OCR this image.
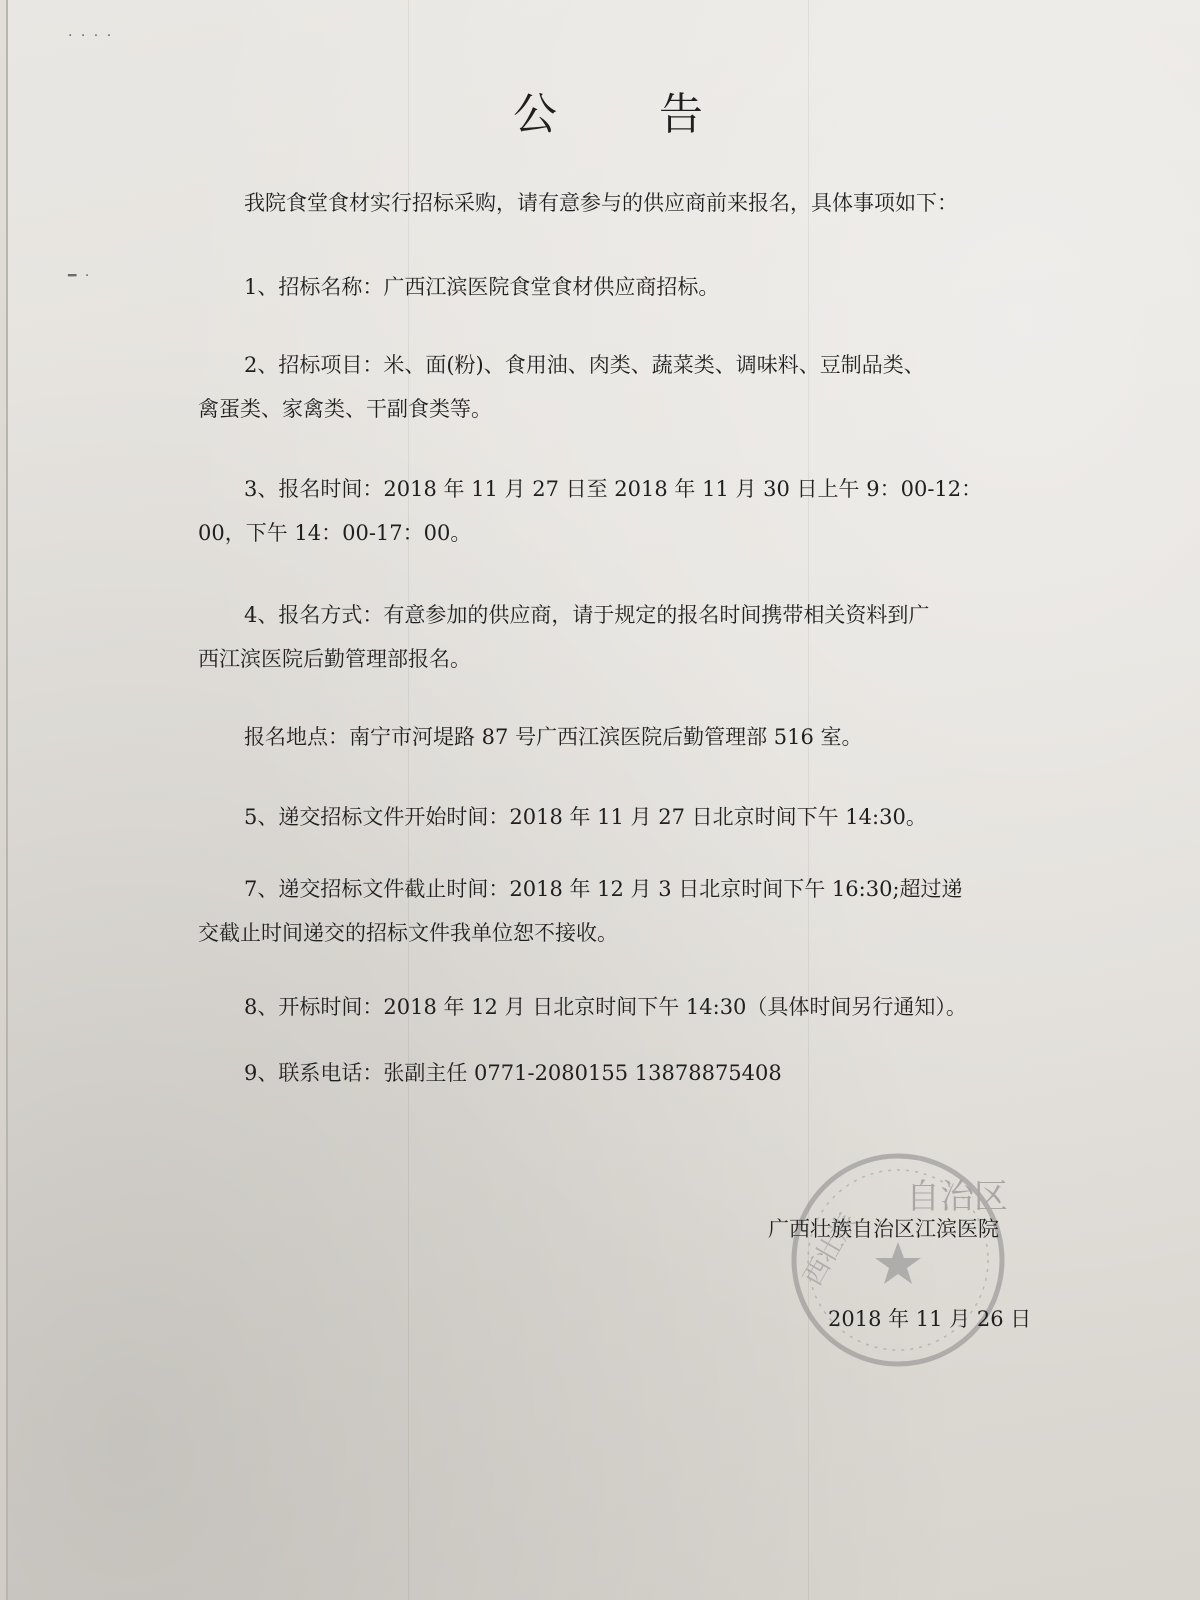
· · · ·
━ ·
公 告
我院食堂食材实行招标采购，请有意参与的供应商前来报名，具体事项如下：
1、招标名称：广西江滨医院食堂食材供应商招标。
2、招标项目：米、面(粉)、食用油、肉类、蔬菜类、调味料、豆制品类、
禽蛋类、家禽类、干副食类等。
3、报名时间：2018 年 11 月 27 日至 2018 年 11 月 30 日上午 9：00-12：
00，下午 14：00-17：00。
4、报名方式：有意参加的供应商，请于规定的报名时间携带相关资料到广
西江滨医院后勤管理部报名。
报名地点：南宁市河堤路 87 号广西江滨医院后勤管理部 516 室。
5、递交招标文件开始时间：2018 年 11 月 27 日北京时间下午 14:30。
7、递交招标文件截止时间：2018 年 12 月 3 日北京时间下午 16:30;超过递
交截止时间递交的招标文件我单位恕不接收。
8、开标时间：2018 年 12 月 日北京时间下午 14:30（具体时间另行通知）。
9、联系电话：张副主任 0771-2080155 13878875408
自治区
西壮族
广西壮族自治区江滨医院
2018 年 11 月 26 日
